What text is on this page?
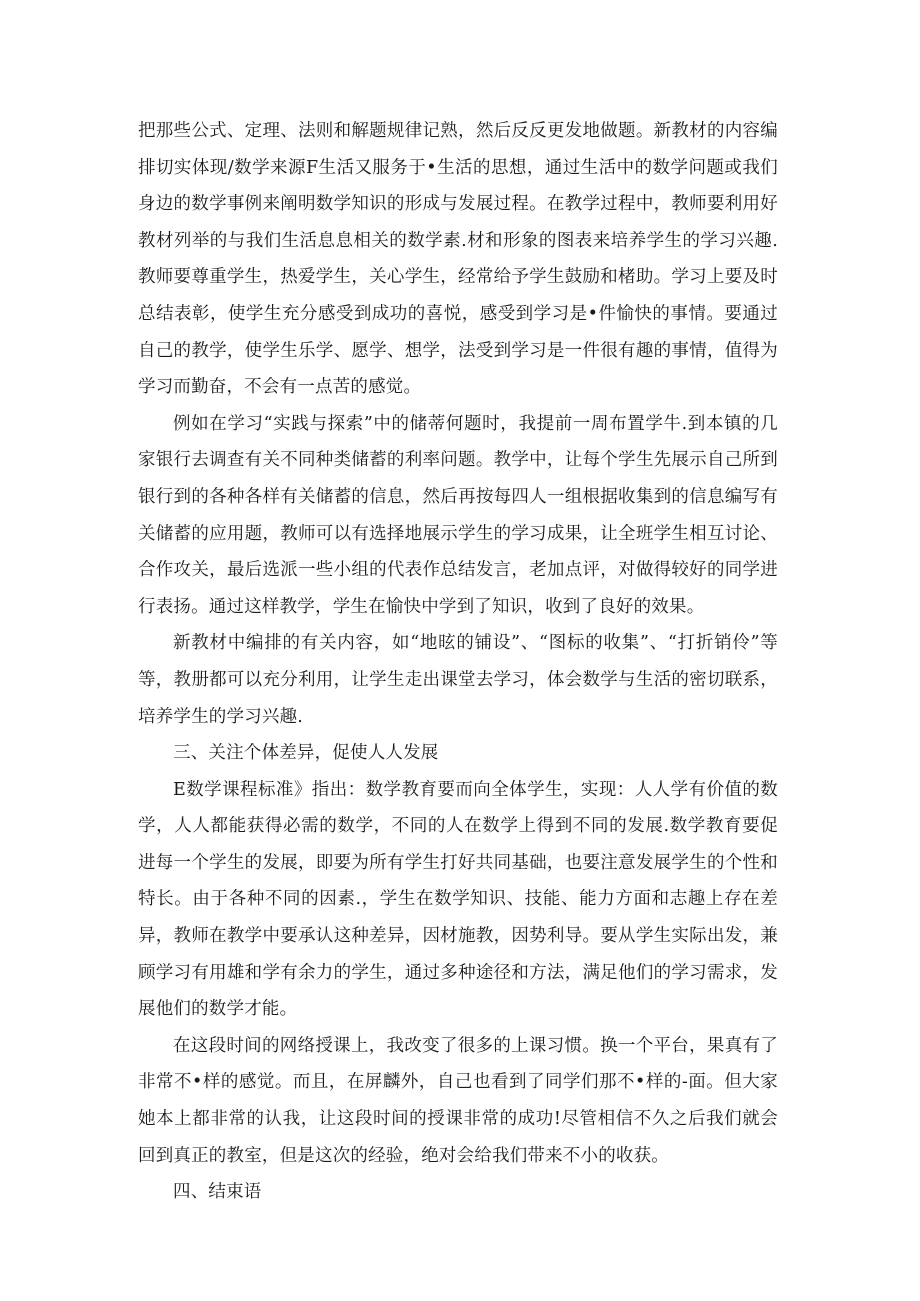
把那些公式、定理、法则和解题规律记熟，然后反反更发地做题。新教材的内容编排切实体现/数学来源F生活又服务于•生活的思想，通过生活中的数学问题或我们身边的数学事例来阐明数学知识的形成与发展过程。在教学过程中，教师要利用好教材列举的与我们生活息息相关的数学素.材和形象的图表来培养学生的学习兴趣.教师要尊重学生，热爱学生，关心学生，经常给予学生鼓励和楮助。学习上要及时总结表彰，使学生充分感受到成功的喜悦，感受到学习是•件愉快的事情。要通过自己的教学，使学生乐学、愿学、想学，法受到学习是一件很有趣的事情，值得为学习而勤奋，不会有一点苦的感觉。

例如在学习“实践与探索”中的储蒂何题时，我提前一周布置学牛.到本镇的几家银行去调查有关不同种类储蓄的利率问题。教学中，让每个学生先展示自己所到银行到的各种各样有关储蓄的信息，然后再按每四人一组根据收集到的信息编写有关储蓄的应用题，教师可以有选择地展示学生的学习成果，让全班学生相互讨论、合作攻关，最后选派一些小组的代表作总结发言，老加点评，对做得较好的同学进行表扬。通过这样教学，学生在愉快中学到了知识，收到了良好的效果。

新教材中编排的有关内容，如“地昡的铺设”、“图标的收集”、“打折销伶”等等，教册都可以充分利用，让学生走出课堂去学习，体会数学与生活的密切联系，培养学生的学习兴趣.

三、关注个体差异，促使人人发展

E数学课程标准》指出：数学教育要而向全体学生，实现：人人学有价值的数学，人人都能获得必需的数学，不同的人在数学上得到不同的发展.数学教育要促进每一个学生的发展，即要为所有学生打好共同基础，也要注意发展学生的个性和特长。由于各种不同的因素.，学生在数学知识、技能、能力方面和志趣上存在差异，教师在教学中要承认这种差异，因材施教，因势利导。要从学生实际出发，兼顾学习有用雄和学有余力的学生，通过多种途径和方法，满足他们的学习需求，发展他们的数学才能。

在这段时间的网络授课上，我改变了很多的上课习惯。换一个平台，果真有了非常不•样的感觉。而且，在屏麟外，自己也看到了同学们那不•样的-面。但大家她本上都非常的认我，让这段时间的授课非常的成功!尽管相信不久之后我们就会回到真正的教室，但是这次的经验，绝对会给我们带来不小的收获。

四、结束语
